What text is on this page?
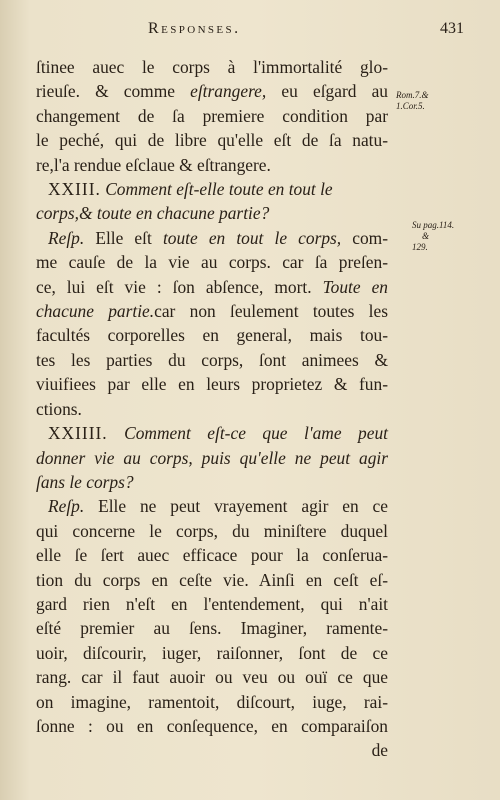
Responses.	431
Rom.7.&
1.Cor.5.
Su pag.114.
&
129.
ſtinee auec le corps à l'immortalité glo-
rieuſe. & comme eſtrangere, eu eſgard au
changement de ſa premiere condition par
le peché, qui de libre qu'elle eſt de ſa natu-
re,l'a rendue eſclaue & eſtrangere.
XXIII. Comment eſt-elle toute en tout le
corps,& toute en chacune partie?
Reſp. Elle eſt toute en tout le corps, com-
me cauſe de la vie au corps. car ſa preſen-
ce, lui eſt vie : ſon abſence, mort. Toute en
chacune partie.car non ſeulement toutes les
facultés corporelles en general, mais tou-
tes les parties du corps, ſont animees &
viuifiees par elle en leurs proprietez & fun-
ctions.
XXIIII. Comment eſt-ce que l'ame peut
donner vie au corps, puis qu'elle ne peut agir
ſans le corps?
Reſp. Elle ne peut vrayement agir en ce
qui concerne le corps, du miniſtere duquel
elle ſe ſert auec efficace pour la conſerua-
tion du corps en ceſte vie. Ainſi en ceſt eſ-
gard rien n'eſt en l'entendement, qui n'ait
eſté premier au ſens. Imaginer, ramente-
uoir, diſcourir, iuger, raiſonner, ſont de ce
rang. car il faut auoir ou veu ou ouï ce que
on imagine, ramentoit, diſcourt, iuge, rai-
ſonne : ou en conſequence, en comparaiſon
de
